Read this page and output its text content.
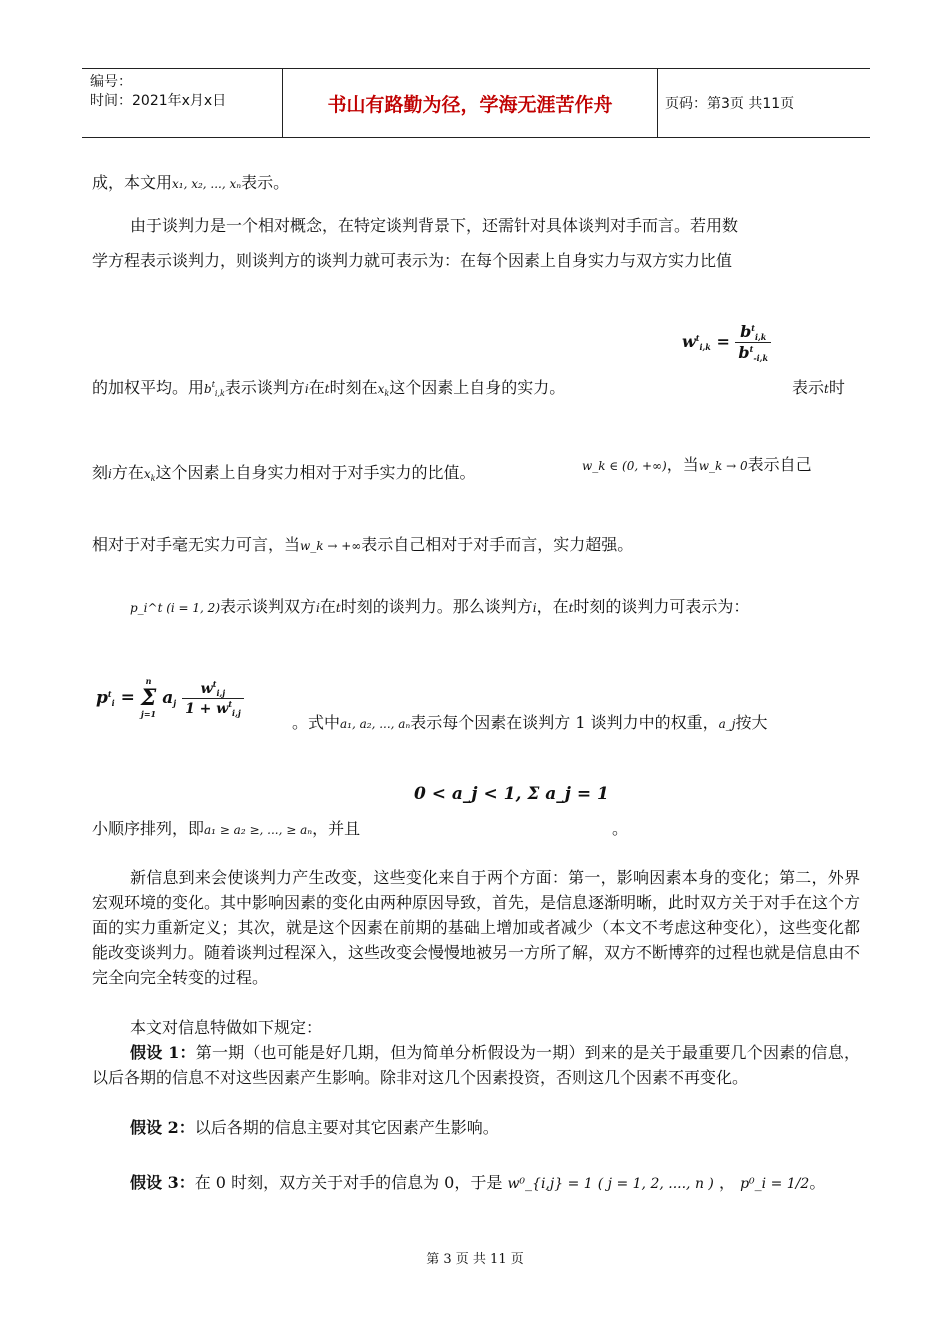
编号：
时间：2021年x月x日	书山有路勤为径，学海无涯苦作舟	页码：第3页 共11页
成，本文用x₁, x₂, ..., xₙ表示。
由于谈判力是一个相对概念，在特定谈判背景下，还需针对具体谈判对手而言。若用数
学方程表示谈判力，则谈判方的谈判力就可表示为：在每个因素上自身实力与双方实力比值
$w^t_{i,k} = \frac{b^t_{i,k}}{b^t_{-i,k}}$
的加权平均。用$b^t_{i,k}$表示谈判方i在t时刻在$x_k$这个因素上自身的实力。	表示t时
刻i方在$x_k$这个因素上自身实力相对于对手实力的比值。	w_k ∈ (0, +∞)，当w_k → 0表示自己
相对于对手毫无实力可言，当w_k → +∞表示自己相对于对手而言，实力超强。
p_i^t (i = 1, 2)表示谈判双方i在t时刻的谈判力。那么谈判方i，在t时刻的谈判力可表示为：
$p^t_i$ =
n
Σ
j=1
$a_j \frac{w^t_{i,j}}{1 + w^t_{i,j}}$
。式中a₁, a₂, ..., aₙ表示每个因素在谈判方 1 谈判力中的权重，a_j按大
0 < a_j < 1, Σ a_j = 1
小顺序排列，即a₁ ≥ a₂ ≥, ..., ≥ aₙ，并且	。
新信息到来会使谈判力产生改变，这些变化来自于两个方面：第一，影响因素本身的变化；第二，外界宏观环境的变化。其中影响因素的变化由两种原因导致，首先，是信息逐渐明晰，此时双方关于对手在这个方面的实力重新定义；其次，就是这个因素在前期的基础上增加或者减少（本文不考虑这种变化），这些变化都能改变谈判力。随着谈判过程深入，这些改变会慢慢地被另一方所了解，双方不断博弈的过程也就是信息由不完全向完全转变的过程。
本文对信息特做如下规定：
假设 1：第一期（也可能是好几期，但为简单分析假设为一期）到来的是关于最重要几个因素的信息，以后各期的信息不对这些因素产生影响。除非对这几个因素投资，否则这几个因素不再变化。
假设 2：以后各期的信息主要对其它因素产生影响。
假设 3：在 0 时刻，双方关于对手的信息为 0，于是 w⁰_{i,j} = 1 ( j = 1, 2, ...., n ) ， p⁰_i = 1/2。
第 3 页 共 11 页
